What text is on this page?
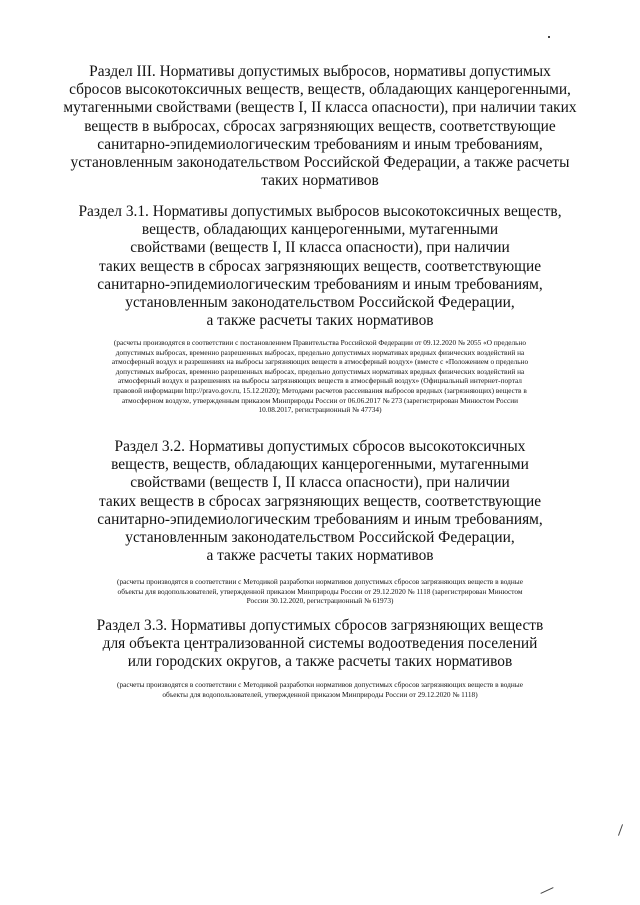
Раздел III. Нормативы допустимых выбросов, нормативы допустимых
сбросов высокотоксичных веществ, веществ, обладающих канцерогенными,
мутагенными свойствами (веществ I, II класса опасности), при наличии таких
веществ в выбросах, сбросах загрязняющих веществ, соответствующие
санитарно-эпидемиологическим требованиям и иным требованиям,
установленным законодательством Российской Федерации, а также расчеты
таких нормативов
Раздел 3.1. Нормативы допустимых выбросов высокотоксичных веществ,
веществ, обладающих канцерогенными, мутагенными
свойствами (веществ I, II класса опасности), при наличии
таких веществ в сбросах загрязняющих веществ, соответствующие
санитарно-эпидемиологическим требованиям и иным требованиям,
установленным законодательством Российской Федерации,
а также расчеты таких нормативов
(расчеты производятся в соответствии с постановлением Правительства Российской Федерации от 09.12.2020 № 2055 «О предельно
допустимых выбросах, временно разрешенных выбросах, предельно допустимых нормативах вредных физических воздействий на
атмосферный воздух и разрешениях на выбросы загрязняющих веществ в атмосферный воздух» (вместе с «Положением о предельно
допустимых выбросах, временно разрешенных выбросах, предельно допустимых нормативах вредных физических воздействий на
атмосферный воздух и разрешениях на выбросы загрязняющих веществ в атмосферный воздух» (Официальный интернет-портал
правовой информации http://pravo.gov.ru, 15.12.2020); Методами расчетов рассеивания выбросов вредных (загрязняющих) веществ в
атмосферном воздухе, утвержденным приказом Минприроды России от 06.06.2017 № 273 (зарегистрирован Минюстом России
10.08.2017, регистрационный № 47734)
Раздел 3.2. Нормативы допустимых сбросов высокотоксичных
веществ, веществ, обладающих канцерогенными, мутагенными
свойствами (веществ I, II класса опасности), при наличии
таких веществ в сбросах загрязняющих веществ, соответствующие
санитарно-эпидемиологическим требованиям и иным требованиям,
установленным законодательством Российской Федерации,
а также расчеты таких нормативов
(расчеты производятся в соответствии с Методикой разработки нормативов допустимых сбросов загрязняющих веществ в водные
объекты для водопользователей, утвержденной приказом Минприроды России от 29.12.2020 № 1118 (зарегистрирован Минюстом
России 30.12.2020, регистрационный № 61973)
Раздел 3.3. Нормативы допустимых сбросов загрязняющих веществ
для объекта централизованной системы водоотведения поселений
или городских округов, а также расчеты таких нормативов
(расчеты производятся в соответствии с Методикой разработки нормативов допустимых сбросов загрязняющих веществ в водные
объекты для водопользователей, утвержденной приказом Минприроды России от 29.12.2020 № 1118)
